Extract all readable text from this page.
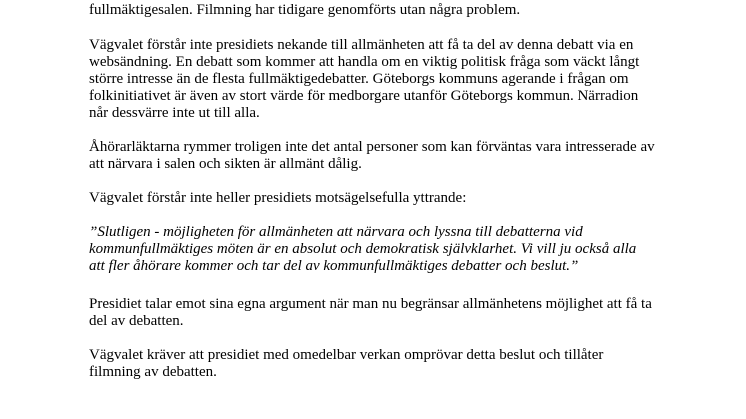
fullmäktigesalen. Filmning har tidigare genomförts utan några problem.

Vägvalet förstår inte presidiets nekande till allmänheten att få ta del av denna debatt via en
websändning. En debatt som kommer att handla om en viktig politisk fråga som väckt långt
större intresse än de flesta fullmäktigedebatter. Göteborgs kommuns agerande i frågan om
folkinitiativet är även av stort värde för medborgare utanför Göteborgs kommun. Närradion
når dessvärre inte ut till alla.

Åhörarläktarna rymmer troligen inte det antal personer som kan förväntas vara intresserade av
att närvara i salen och sikten är allmänt dålig.

Vägvalet förstår inte heller presidiets motsägelsefulla yttrande:

”Slutligen - möjligheten för allmänheten att närvara och lyssna till debatterna vid
kommunfullmäktiges möten är en absolut och demokratisk självklarhet. Vi vill ju också alla
att fler åhörare kommer och tar del av kommunfullmäktiges debatter och beslut.”

Presidiet talar emot sina egna argument när man nu begränsar allmänhetens möjlighet att få ta
del av debatten.

Vägvalet kräver att presidiet med omedelbar verkan omprövar detta beslut och tillåter
filmning av debatten.
